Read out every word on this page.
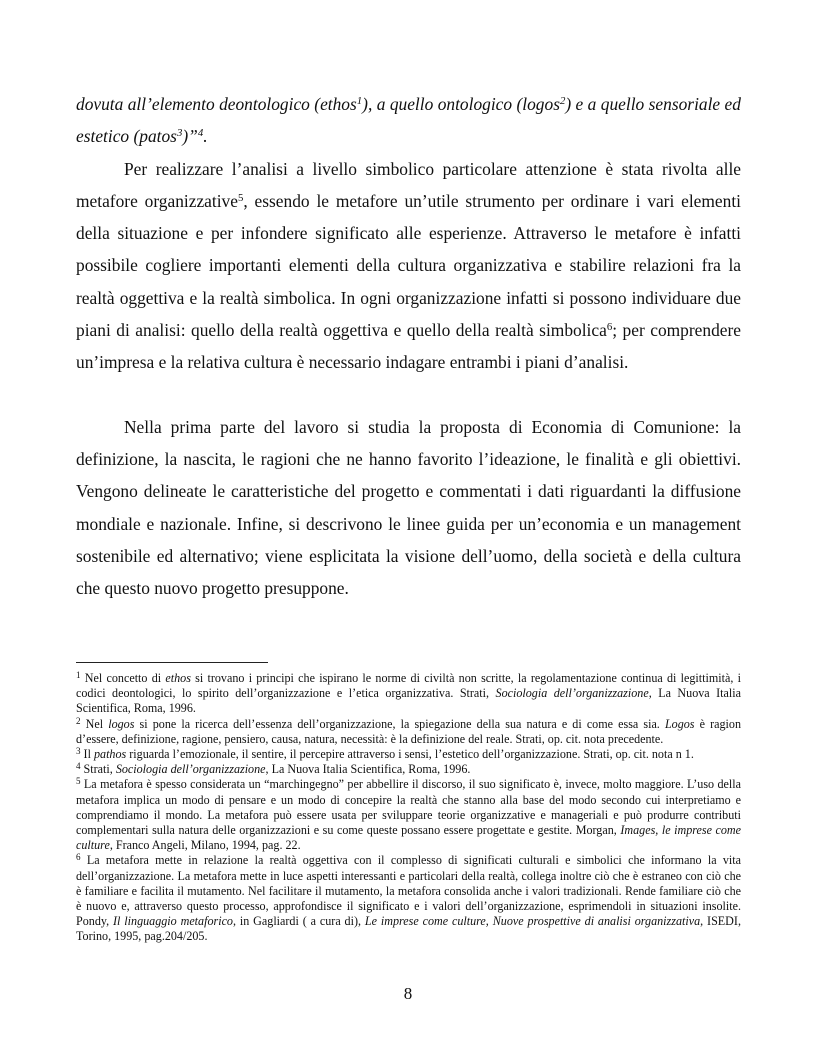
dovuta all’elemento deontologico (ethos$^1$), a quello ontologico (logos$^2$) e a quello sensoriale ed estetico (patos$^3$)”$^4$.

Per realizzare l’analisi a livello simbolico particolare attenzione è stata rivolta alle metafore organizzative$^5$, essendo le metafore un’utile strumento per ordinare i vari elementi della situazione e per infondere significato alle esperienze. Attraverso le metafore è infatti possibile cogliere importanti elementi della cultura organizzativa e stabilire relazioni fra la realtà oggettiva e la realtà simbolica. In ogni organizzazione infatti si possono individuare due piani di analisi: quello della realtà oggettiva e quello della realtà simbolica$^6$; per comprendere un’impresa e la relativa cultura è necessario indagare entrambi i piani d’analisi.

Nella prima parte del lavoro si studia la proposta di Economia di Comunione: la definizione, la nascita, le ragioni che ne hanno favorito l’ideazione, le finalità e gli obiettivi. Vengono delineate le caratteristiche del progetto e commentati i dati riguardanti la diffusione mondiale e nazionale. Infine, si descrivono le linee guida per un’economia e un management sostenibile ed alternativo; viene esplicitata la visione dell’uomo, della società e della cultura che questo nuovo progetto presuppone.

$^1$ Nel concetto di ethos si trovano i principi che ispirano le norme di civiltà non scritte, la regolamentazione continua di legittimità, i codici deontologici, lo spirito dell’organizzazione e l’etica organizzativa. Strati, Sociologia dell’organizzazione, La Nuova Italia Scientifica, Roma, 1996.

$^2$ Nel logos si pone la ricerca dell’essenza dell’organizzazione, la spiegazione della sua natura e di come essa sia. Logos è ragion d’essere, definizione, ragione, pensiero, causa, natura, necessità: è la definizione del reale. Strati, op. cit. nota precedente.

$^3$ Il pathos riguarda l’emozionale, il sentire, il percepire attraverso i sensi, l’estetico dell’organizzazione. Strati, op. cit. nota n 1.

$^4$ Strati, Sociologia dell’organizzazione, La Nuova Italia Scientifica, Roma, 1996.

$^5$ La metafora è spesso considerata un “marchingegno” per abbellire il discorso, il suo significato è, invece, molto maggiore. L’uso della metafora implica un modo di pensare e un modo di concepire la realtà che stanno alla base del modo secondo cui interpretiamo e comprendiamo il mondo. La metafora può essere usata per sviluppare teorie organizzative e manageriali e può produrre contributi complementari sulla natura delle organizzazioni e su come queste possano essere progettate e gestite. Morgan, Images, le imprese come culture, Franco Angeli, Milano, 1994, pag. 22.

$^6$ La metafora mette in relazione la realtà oggettiva con il complesso di significati culturali e simbolici che informano la vita dell’organizzazione. La metafora mette in luce aspetti interessanti e particolari della realtà, collega inoltre ciò che è estraneo con ciò che è familiare e facilita il mutamento. Nel facilitare il mutamento, la metafora consolida anche i valori tradizionali. Rende familiare ciò che è nuovo e, attraverso questo processo, approfondisce il significato e i valori dell’organizzazione, esprimendoli in situazioni insolite. Pondy, Il linguaggio metaforico, in Gagliardi ( a cura di), Le imprese come culture, Nuove prospettive di analisi organizzativa, ISEDI, Torino, 1995, pag.204/205.

8
